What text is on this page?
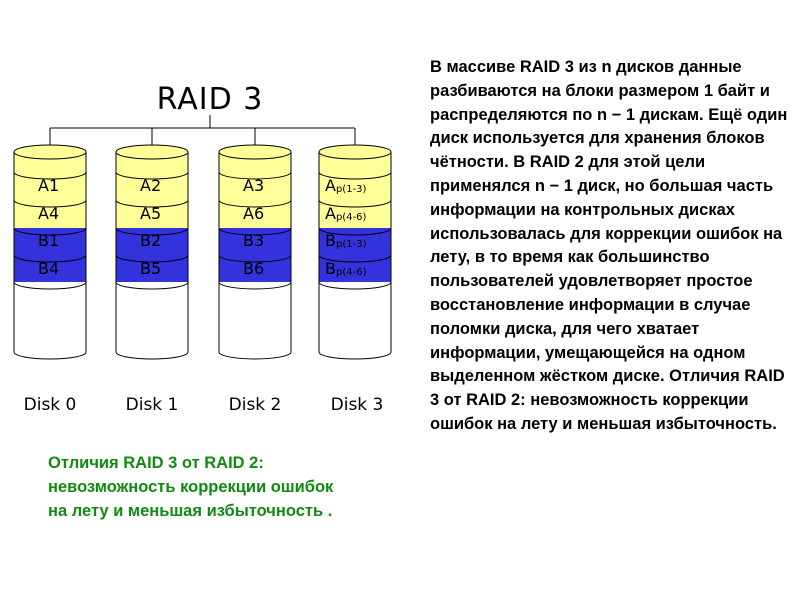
RAID 3
A1
A4
B1
B4
A2
A5
B2
B5
A3
A6
B3
B6
Ap(1-3)
Ap(4-6)
Bp(1-3)
Bp(4-6)
Disk 0	Disk 1	Disk 2	Disk 3
В массиве RAID 3 из n дисков данные разбиваются на блоки размером 1 байт и распределяются по n − 1 дискам. Ещё один диск используется для хранения блоков чётности. В RAID 2 для этой цели применялся n − 1 диск, но большая часть информации на контрольных дисках использовалась для коррекции ошибок на лету, в то время как большинство пользователей удовлетворяет простое восстановление информации в случае поломки диска, для чего хватает информации, умещающейся на одном выделенном жёстком диске. Отличия RAID 3 от RAID 2: невозможность коррекции ошибок на лету и меньшая избыточность.
Отличия RAID 3 от RAID 2: невозможность коррекции ошибок на лету и меньшая избыточность .
